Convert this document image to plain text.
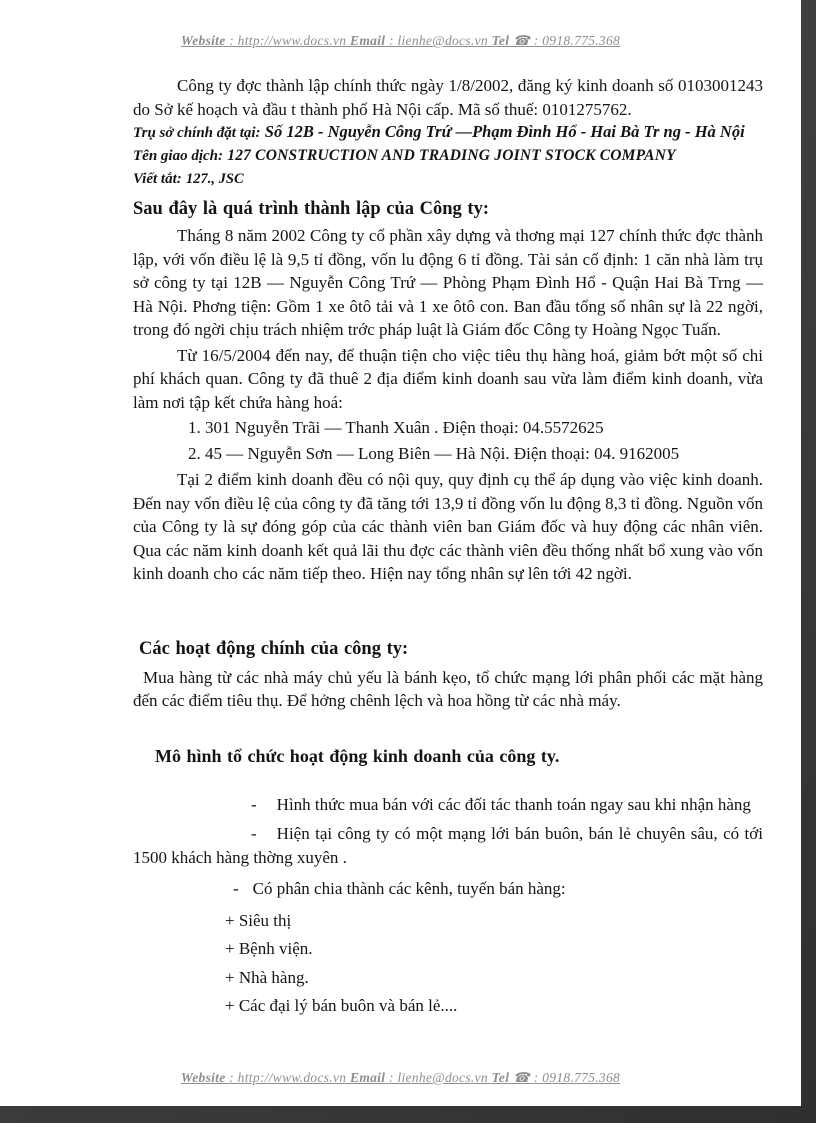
Website : http://www.docs.vn Email : lienhe@docs.vn Tel ☎ : 0918.775.368

Công ty đợc thành lập chính thức ngày 1/8/2002, đăng ký kinh doanh số 0103001243 do Sở kế hoạch và đầu t thành phố Hà Nội cấp. Mã số thuế: 0101275762.

Trụ sở chính đặt tại: Số 12B - Nguyễn Công Trứ —Phạm Đình Hổ - Hai Bà Tr ng - Hà Nội
Tên giao dịch: 127 CONSTRUCTION AND TRADING JOINT STOCK COMPANY
Viết tắt: 127., JSC

Sau đây là quá trình thành lập của Công ty:

Tháng 8 năm 2002 Công ty cổ phần xây dựng và thơng mại 127 chính thức đợc thành lập, với vốn điều lệ là 9,5 tỉ đồng, vốn lu động 6 tỉ đồng. Tài sản cố định: 1 căn nhà làm trụ sở công ty tại 12B — Nguyễn Công Trứ — Phòng Phạm Đình Hổ - Quận Hai Bà Trng — Hà Nội. Phơng tiện: Gồm 1 xe ôtô tải và 1 xe ôtô con. Ban đầu tổng số nhân sự là 22 ngời, trong đó ngời chịu trách nhiệm trớc pháp luật là Giám đốc Công ty Hoàng Ngọc Tuấn.

Từ 16/5/2004 đến nay, để thuận tiện cho việc tiêu thụ hàng hoá, giảm bớt một số chi phí khách quan. Công ty đã thuê 2 địa điểm kinh doanh sau vừa làm điểm kinh doanh, vừa làm nơi tập kết chứa hàng hoá:

1. 301 Nguyễn Trãi — Thanh Xuân . Điện thoại: 04.5572625

2. 45 — Nguyễn Sơn — Long Biên — Hà Nội. Điện thoại: 04. 9162005

Tại 2 điểm kinh doanh đều có nội quy, quy định cụ thể áp dụng vào việc kinh doanh. Đến nay vốn điều lệ của công ty đã tăng tới 13,9 tỉ đồng vốn lu động 8,3 tỉ đồng. Nguồn vốn của Công ty là sự đóng góp của các thành viên ban Giám đốc và huy động các nhân viên. Qua các năm kinh doanh kết quả lãi thu đợc các thành viên đều thống nhất bổ xung vào vốn kinh doanh cho các năm tiếp theo. Hiện nay tổng nhân sự lên tới 42 ngời.

Các hoạt động chính của công ty:

Mua hàng từ các nhà máy chủ yếu là bánh kẹo, tổ chức mạng lới phân phối các mặt hàng đến các điểm tiêu thụ. Để hởng chênh lệch và hoa hồng từ các nhà máy.

Mô hình tổ chức hoạt động kinh doanh của công ty.

- Hình thức mua bán với các đối tác thanh toán ngay sau khi nhận hàng

- Hiện tại công ty có một mạng lới bán buôn, bán lẻ chuyên sâu, có tới 1500 khách hàng thờng xuyên .

- Có phân chia thành các kênh, tuyến bán hàng:

+ Siêu thị

+ Bệnh viện.

+ Nhà hàng.

+ Các đại lý bán buôn và bán lẻ....

Website : http://www.docs.vn Email : lienhe@docs.vn Tel ☎ : 0918.775.368
